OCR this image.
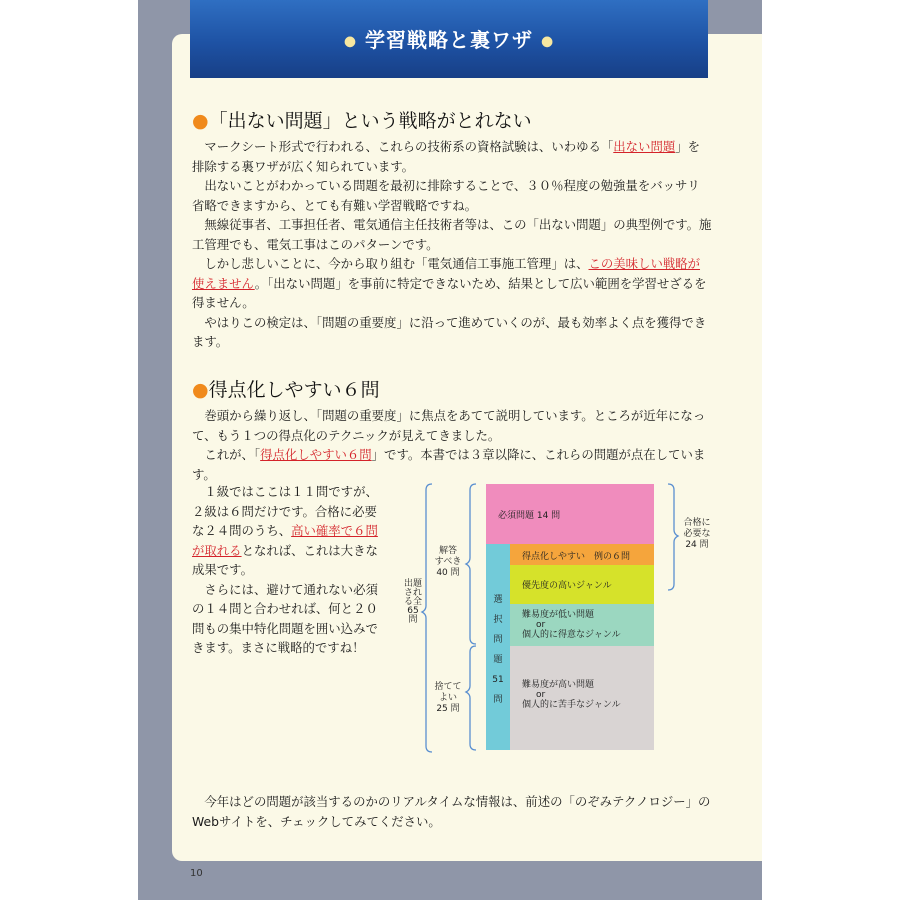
● 学習戦略と裏ワザ ●
●「出ない問題」という戦略がとれない

マークシート形式で行われる、これらの技術系の資格試験は、いわゆる「出ない問題」を排除する裏ワザが広く知られています。

出ないことがわかっている問題を最初に排除することで、３０％程度の勉強量をバッサリ省略できますから、とても有難い学習戦略ですね。

無線従事者、工事担任者、電気通信主任技術者等は、この「出ない問題」の典型例です。施工管理でも、電気工事はこのパターンです。

しかし悲しいことに、今から取り組む「電気通信工事施工管理」は、この美味しい戦略が使えません。「出ない問題」を事前に特定できないため、結果として広い範囲を学習せざるを得ません。

やはりこの検定は、「問題の重要度」に沿って進めていくのが、最も効率よく点を獲得できます。

●得点化しやすい６問

巻頭から繰り返し、「問題の重要度」に焦点をあてて説明しています。ところが近年になって、もう１つの得点化のテクニックが見えてきました。

これが、「得点化しやすい６問」です。本書では３章以降に、これらの問題が点在しています。

１級ではここは１１問ですが、２級は６問だけです。合格に必要な２４問のうち、高い確率で６問が取れるとなれば、これは大きな成果です。

さらには、避けて通れない必須の１４問と合わせれば、何と２０問もの集中特化問題を囲い込みできます。まさに戦略的ですね！

出題される全65問
解答
すべき
40 問
捨てて
よい
25 問
合格に
必要な
24 問
必須問題 14 問
選
択
問
題
51
問
得点化しやすい　例の６問
優先度の高いジャンル
難易度が低い問題
or
個人的に得意なジャンル
難易度が高い問題
or
個人的に苦手なジャンル

今年はどの問題が該当するのかのリアルタイムな情報は、前述の「のぞみテクノロジー」のWebサイトを、チェックしてみてください。

10
